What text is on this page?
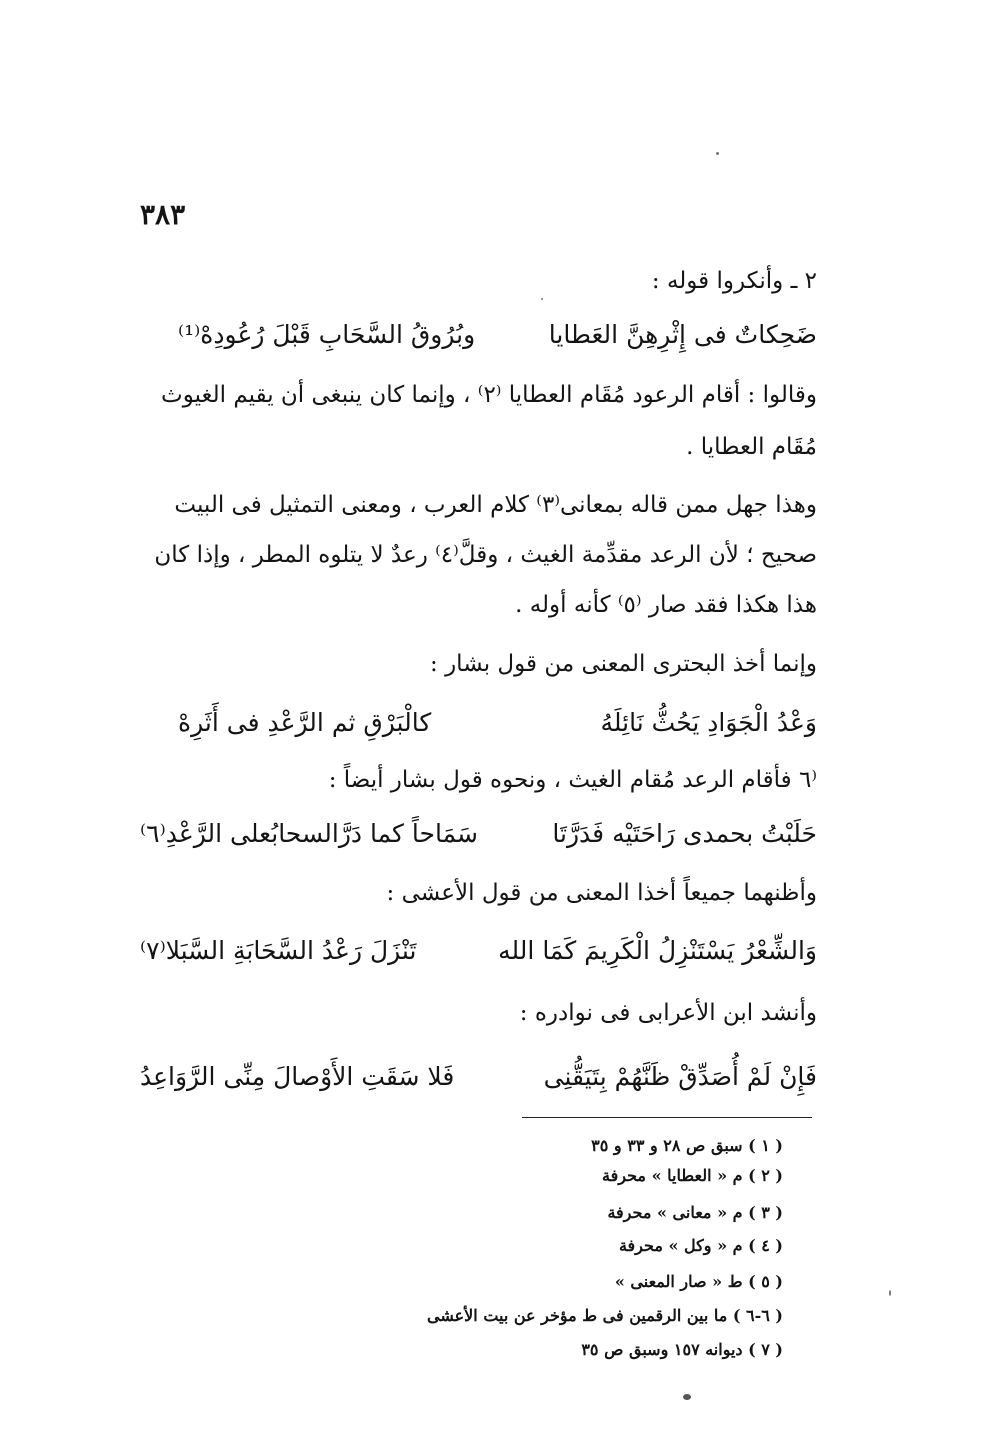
٣٨٣
٢ ـ وأنكروا قوله :
ضَحِكاتٌ فى إِثْرِهِنَّ العَطايا
وبُرُوقُ السَّحَابِ قَبْلَ رُعُودِهْ⁽¹⁾
وقالوا : أقام الرعود مُقَام العطايا ⁽٢⁾ ، وإنما كان ينبغى أن يقيم الغيوث
مُقَام العطايا .
وهذا جهل ممن قاله بمعانى⁽٣⁾ كلام العرب ، ومعنى التمثيل فى البيت
صحيح ؛ لأن الرعد مقدِّمة الغيث ، وقلَّ⁽٤⁾ رعدٌ لا يتلوه المطر ، وإذا كان
هذا هكذا فقد صار ⁽٥⁾ كأنه أوله .
وإنما أخذ البحترى المعنى من قول بشار :
وَعْدُ الْجَوَادِ يَحُثُّ نَائِلَهُ
كالْبَرْقِ ثم الرَّعْدِ فى أَثَرِهْ
⁽٦ فأقام الرعد مُقام الغيث ، ونحوه قول بشار أيضاً :
حَلَبْتُ بحمدى رَاحَتَيْه فَدَرَّتَا
سَمَاحاً كما دَرَّالسحابُعلى الرَّعْدِ⁽٦⁾
وأظنهما جميعاً أخذا المعنى من قول الأعشى :
وَالشِّعْرُ يَسْتَنْزِلُ الْكَرِيمَ كَمَا الله
تَنْزَلَ رَعْدُ السَّحَابَةِ السَّبَلا⁽٧⁾
وأنشد ابن الأعرابى فى نوادره :
فَإِنْ لَمْ أُصَدِّقْ ظَنَّهُمْ بِتَيَقُّنِى
فَلا سَقَتِ الأَوْصالَ مِنِّى الرَّوَاعِدُ
( ١ ) سبق ص ٢٨ و ٣٣ و ٣٥
( ٢ ) م « العطايا » محرفة
( ٣ ) م « معانى » محرفة
( ٤ ) م « وكل » محرفة
( ٥ ) ط « صار المعنى »
( ٦-٦ ) ما بين الرقمين فى ط مؤخر عن بيت الأعشى
( ٧ ) ديوانه ١٥٧ وسبق ص ٣٥
